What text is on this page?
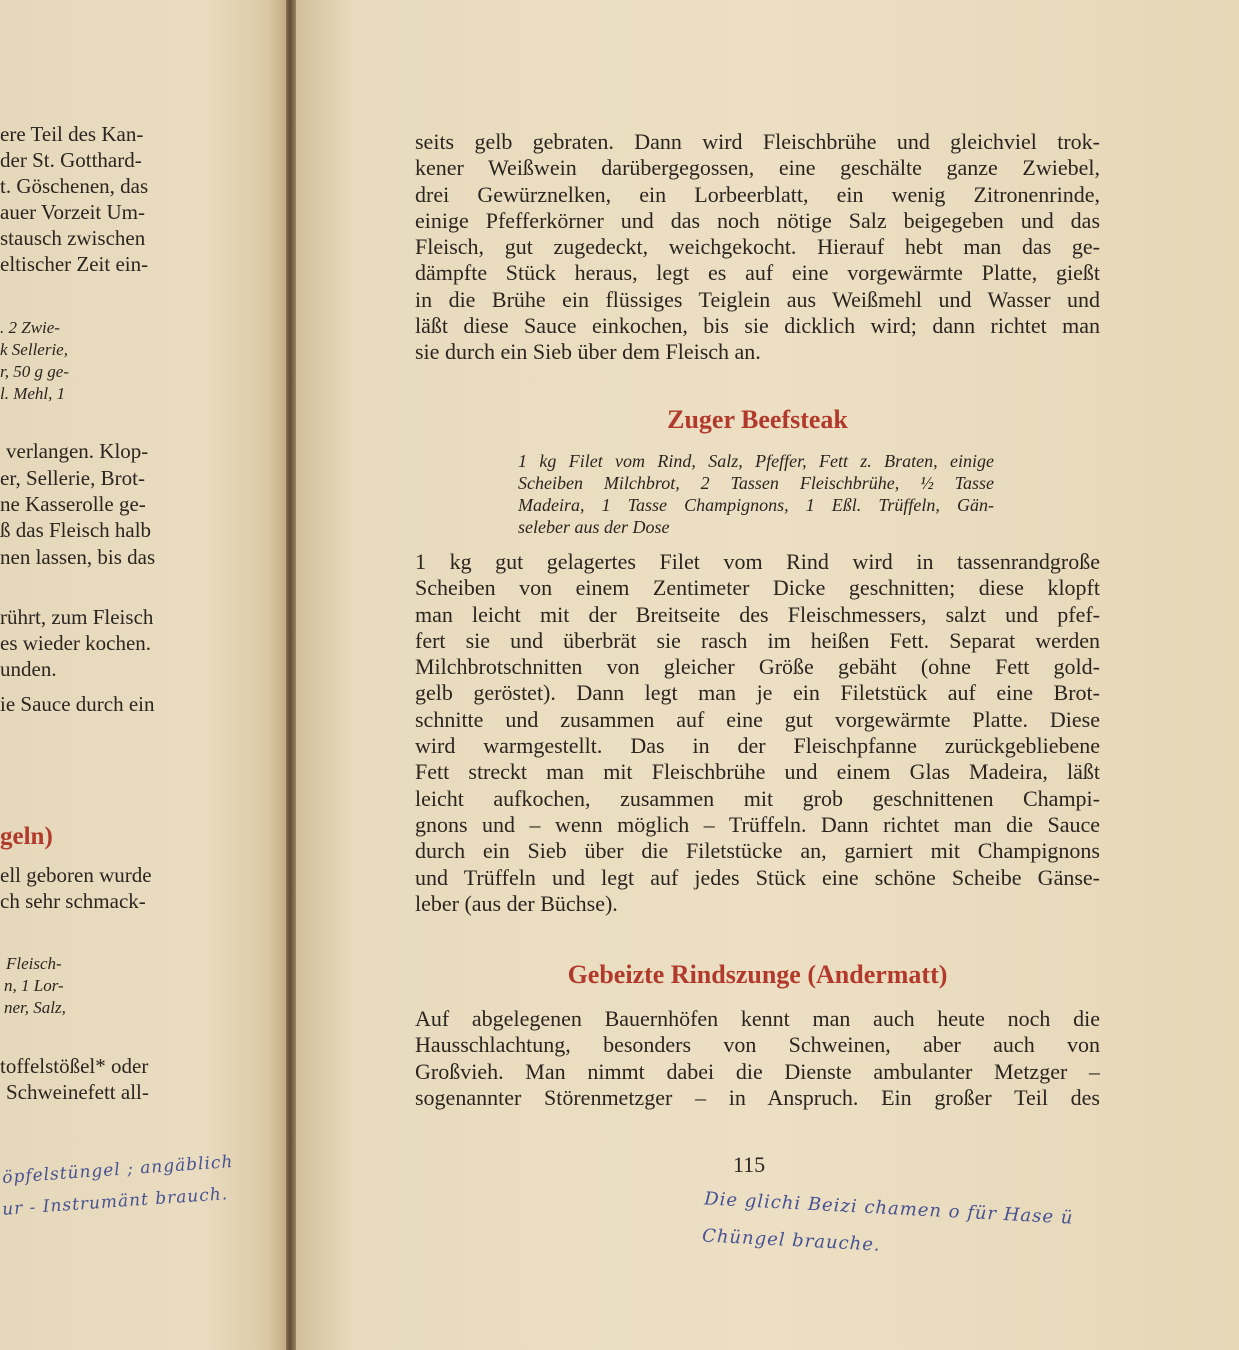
ere Teil des Kan-
der St. Gotthard-
t. Göschenen, das
auer Vorzeit Um-
stausch zwischen
eltischer Zeit ein-
. 2 Zwie-
k Sellerie,
r, 50 g ge-
l. Mehl, 1
verlangen. Klop-
er, Sellerie, Brot-
ne Kasserolle ge-
ß das Fleisch halb
nen lassen, bis das
rührt, zum Fleisch
es wieder kochen.
unden.
ie Sauce durch ein
geln)
ell geboren wurde
ch sehr schmack-
Fleisch-
n, 1 Lor-
ner, Salz,
toffelstößel* oder
Schweinefett all-
öpfelstüngel ; angäblich
ur - Instrumänt brauch.
seits gelb gebraten. Dann wird Fleischbrühe und gleichviel trok-
kener Weißwein darübergegossen, eine geschälte ganze Zwiebel,
drei Gewürznelken, ein Lorbeerblatt, ein wenig Zitronenrinde,
einige Pfefferkörner und das noch nötige Salz beigegeben und das
Fleisch, gut zugedeckt, weichgekocht. Hierauf hebt man das ge-
dämpfte Stück heraus, legt es auf eine vorgewärmte Platte, gießt
in die Brühe ein flüssiges Teiglein aus Weißmehl und Wasser und
läßt diese Sauce einkochen, bis sie dicklich wird; dann richtet man
sie durch ein Sieb über dem Fleisch an.
Zuger Beefsteak
1 kg Filet vom Rind, Salz, Pfeffer, Fett z. Braten, einige
Scheiben Milchbrot, 2 Tassen Fleischbrühe, ½ Tasse
Madeira, 1 Tasse Champignons, 1 Eßl. Trüffeln, Gän-
seleber aus der Dose
1 kg gut gelagertes Filet vom Rind wird in tassenrandgroße
Scheiben von einem Zentimeter Dicke geschnitten; diese klopft
man leicht mit der Breitseite des Fleischmessers, salzt und pfef-
fert sie und überbrät sie rasch im heißen Fett. Separat werden
Milchbrotschnitten von gleicher Größe gebäht (ohne Fett gold-
gelb geröstet). Dann legt man je ein Filetstück auf eine Brot-
schnitte und zusammen auf eine gut vorgewärmte Platte. Diese
wird warmgestellt. Das in der Fleischpfanne zurückgebliebene
Fett streckt man mit Fleischbrühe und einem Glas Madeira, läßt
leicht aufkochen, zusammen mit grob geschnittenen Champi-
gnons und – wenn möglich – Trüffeln. Dann richtet man die Sauce
durch ein Sieb über die Filetstücke an, garniert mit Champignons
und Trüffeln und legt auf jedes Stück eine schöne Scheibe Gänse-
leber (aus der Büchse).
Gebeizte Rindszunge (Andermatt)
Auf abgelegenen Bauernhöfen kennt man auch heute noch die
Hausschlachtung, besonders von Schweinen, aber auch von
Großvieh. Man nimmt dabei die Dienste ambulanter Metzger –
sogenannter Störenmetzger – in Anspruch. Ein großer Teil des
115
Die glichi Beizi chamen o für Hase ü
Chüngel brauche.
